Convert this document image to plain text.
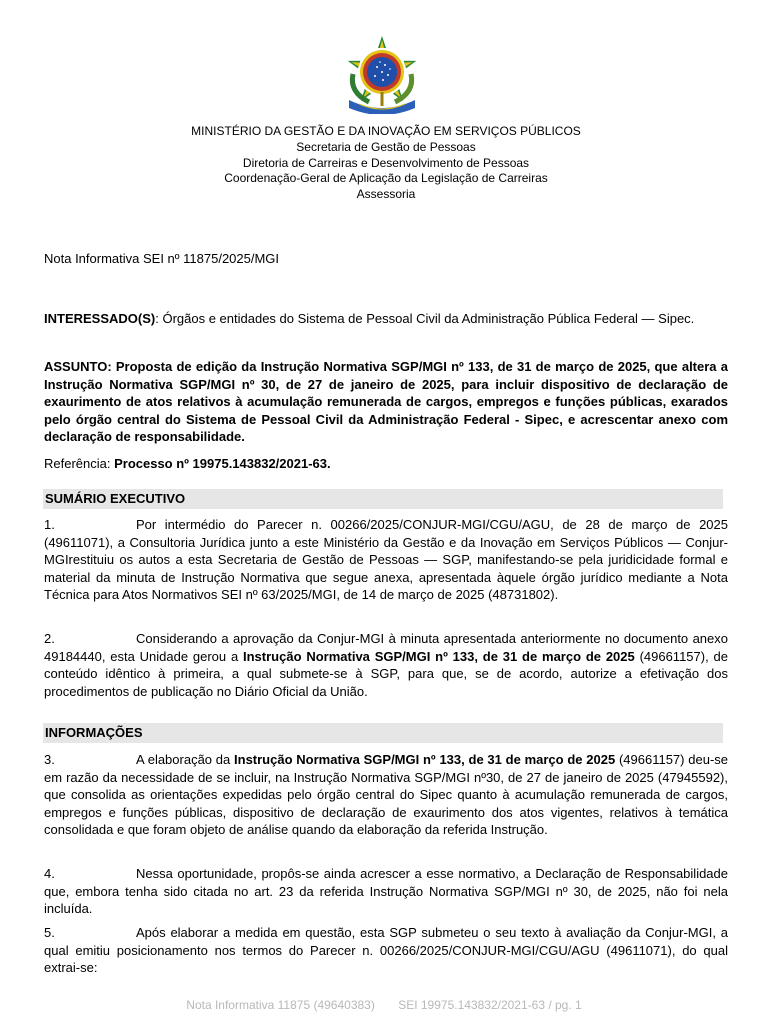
MINISTÉRIO DA GESTÃO E DA INOVAÇÃO EM SERVIÇOS PÚBLICOS
Secretaria de Gestão de Pessoas
Diretoria de Carreiras e Desenvolvimento de Pessoas
Coordenação-Geral de Aplicação da Legislação de Carreiras
Assessoria
Nota Informativa SEI nº 11875/2025/MGI
INTERESSADO(S): Órgãos e entidades do Sistema de Pessoal Civil da Administração Pública Federal — Sipec.
ASSUNTO: Proposta de edição da Instrução Normativa SGP/MGI nº 133, de 31 de março de 2025, que altera a Instrução Normativa SGP/MGI nº 30, de 27 de janeiro de 2025, para incluir dispositivo de declaração de exaurimento de atos relativos à acumulação remunerada de cargos, empregos e funções públicas, exarados pelo órgão central do Sistema de Pessoal Civil da Administração Federal - Sipec, e acrescentar anexo com declaração de responsabilidade.
Referência: Processo nº 19975.143832/2021-63.
SUMÁRIO EXECUTIVO
1.	Por intermédio do Parecer n. 00266/2025/CONJUR-MGI/CGU/AGU, de 28 de março de 2025 (49611071), a Consultoria Jurídica junto a este Ministério da Gestão e da Inovação em Serviços Públicos — Conjur-MGIrestituiu os autos a esta Secretaria de Gestão de Pessoas — SGP, manifestando-se pela juridicidade formal e material da minuta de Instrução Normativa que segue anexa, apresentada àquele órgão jurídico mediante a Nota Técnica para Atos Normativos SEI nº 63/2025/MGI, de 14 de março de 2025 (48731802).
2.	Considerando a aprovação da Conjur-MGI à minuta apresentada anteriormente no documento anexo 49184440, esta Unidade gerou a Instrução Normativa SGP/MGI nº 133, de 31 de março de 2025 (49661157), de conteúdo idêntico à primeira, a qual submete-se à SGP, para que, se de acordo, autorize a efetivação dos procedimentos de publicação no Diário Oficial da União.
INFORMAÇÕES
3.	A elaboração da Instrução Normativa SGP/MGI nº 133, de 31 de março de 2025 (49661157) deu-se em razão da necessidade de se incluir, na Instrução Normativa SGP/MGI nº30, de 27 de janeiro de 2025 (47945592), que consolida as orientações expedidas pelo órgão central do Sipec quanto à acumulação remunerada de cargos, empregos e funções públicas, dispositivo de declaração de exaurimento dos atos vigentes, relativos à temática consolidada e que foram objeto de análise quando da elaboração da referida Instrução.
4.	Nessa oportunidade, propôs-se ainda acrescer a esse normativo, a Declaração de Responsabilidade que, embora tenha sido citada no art. 23 da referida Instrução Normativa SGP/MGI nº 30, de 2025, não foi nela incluída.
5.	Após elaborar a medida em questão, esta SGP submeteu o seu texto à avaliação da Conjur-MGI, a qual emitiu posicionamento nos termos do Parecer n. 00266/2025/CONJUR-MGI/CGU/AGU (49611071), do qual extrai-se:
Nota Informativa 11875 (49640383) SEI 19975.143832/2021-63 / pg. 1
